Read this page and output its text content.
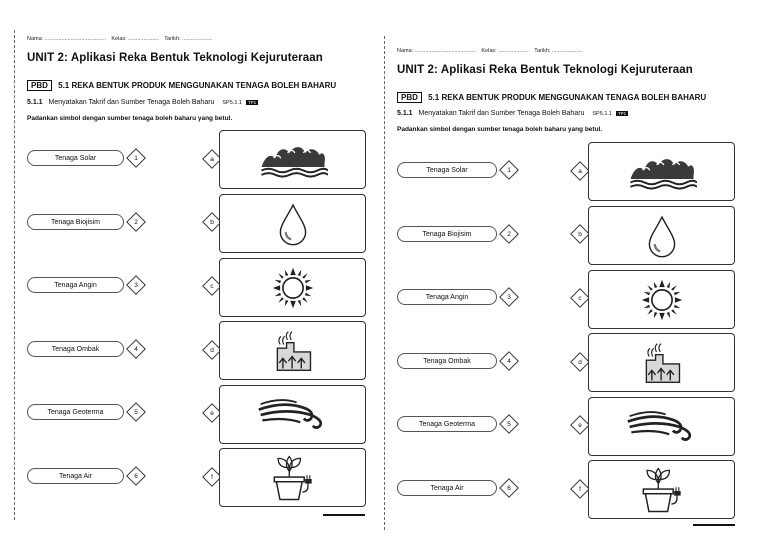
Nama: ........................................ Kelas: .................... Tarikh: ....................
UNIT 2: Aplikasi Reka Bentuk Teknologi Kejuruteraan
PBD 5.1 REKA BENTUK PRODUK MENGGUNAKAN TENAGA BOLEH BAHARU
5.1.1 Menyatakan Takrif dan Sumber Tenaga Boleh Baharu SP5.1.1 TP1
Padankan simbol dengan sumber tenaga boleh baharu yang betul.
Tenaga Solar	1
Tenaga Biojisim	2
Tenaga Angin	3
Tenaga Ombak	4
Tenaga Geoterma	5
Tenaga Air	6
a
b
c
d
e
f
Nama: ........................................ Kelas: .................... Tarikh: ....................
UNIT 2: Aplikasi Reka Bentuk Teknologi Kejuruteraan
PBD 5.1 REKA BENTUK PRODUK MENGGUNAKAN TENAGA BOLEH BAHARU
5.1.1 Menyatakan Takrif dan Sumber Tenaga Boleh Baharu SP5.1.1 TP1
Padankan simbol dengan sumber tenaga boleh baharu yang betul.
Tenaga Solar	1
Tenaga Biojisim	2
Tenaga Angin	3
Tenaga Ombak	4
Tenaga Geoterma	5
Tenaga Air	6
a
b
c
d
e
f
